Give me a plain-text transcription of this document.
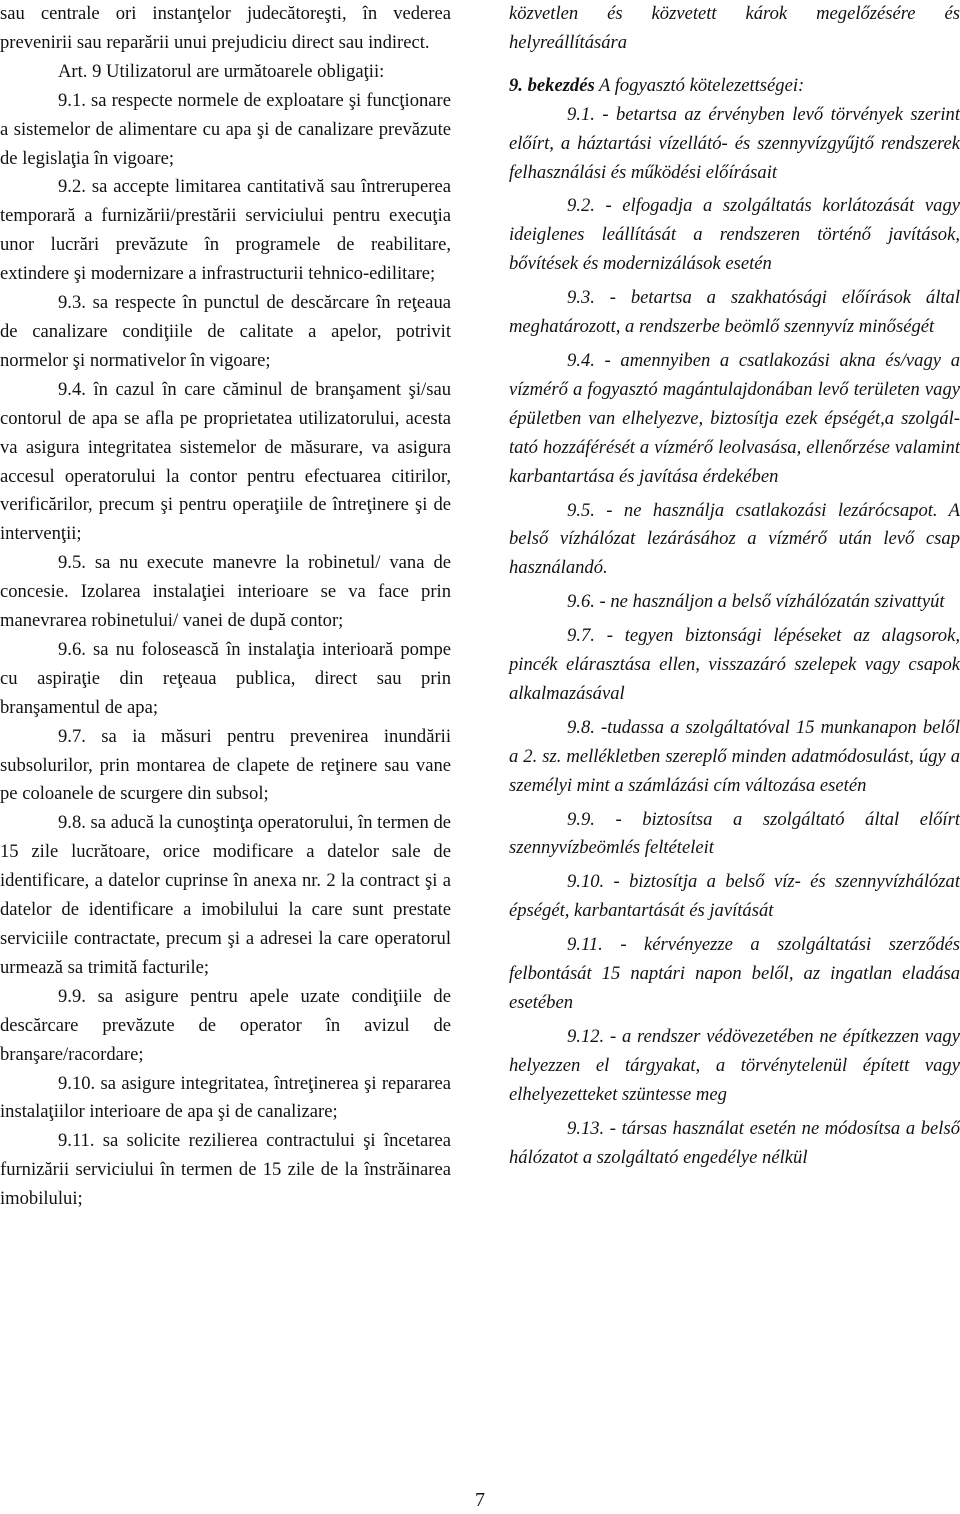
sau centrale ori instanţelor judecătoreşti, în vederea prevenirii sau reparării unui prejudiciu direct sau indirect.

Art. 9 Utilizatorul are următoarele obligaţii:

9.1. sa respecte normele de exploatare şi funcţionare a sistemelor de alimentare cu apa şi de canalizare prevăzute de legislaţia în vigoare;

9.2. sa accepte limitarea cantitativă sau întreruperea temporară a furnizării/prestării serviciului pentru execuţia unor lucrări prevăzute în programele de reabilitare, extindere şi modernizare a infrastructurii tehnico-edilitare;

9.3. sa respecte în punctul de descărcare în reţeaua de canalizare condiţiile de calitate a apelor, potrivit normelor şi normativelor în vigoare;

9.4. în cazul în care căminul de branşament şi/sau contorul de apa se afla pe proprietatea utilizatorului, acesta va asigura integritatea sistemelor de măsurare, va asigura accesul operatorului la contor pentru efectuarea citirilor, verificărilor, precum şi pentru operaţiile de întreţinere şi de intervenţii;

9.5. sa nu execute manevre la robinetul/ vana de concesie. Izolarea instalaţiei interioare se va face prin manevrarea robinetului/ vanei de după contor;

9.6. sa nu folosească în instalaţia interioară pompe cu aspiraţie din reţeaua publica, direct sau prin branşamentul de apa;

9.7. sa ia măsuri pentru prevenirea inundării subsolurilor, prin montarea de clapete de reţinere sau vane pe coloanele de scurgere din subsol;

9.8. sa aducă la cunoştinţa operatorului, în termen de 15 zile lucrătoare, orice modificare a datelor sale de identificare, a datelor cuprinse în anexa nr. 2 la contract şi a datelor de identificare a imobilului la care sunt prestate serviciile contractate, precum şi a adresei la care operatorul urmează sa trimită facturile;

9.9. sa asigure pentru apele uzate condiţiile de descărcare prevăzute de operator în avizul de branşare/racordare;

9.10. sa asigure integritatea, întreţinerea şi repararea instalaţiilor interioare de apa şi de canalizare;

9.11. sa solicite rezilierea contractului şi încetarea furnizării serviciului în termen de 15 zile de la înstrăinarea imobilului;

közvetlen és közvetett károk megelőzésére és helyreállítására

9. bekezdés A fogyasztó kötelezettségei:

9.1. - betartsa az érvényben levő törvények szerint előírt, a háztartási vízellátó- és szennyvízgyűjtő rendszerek felhasználási és működési előírásait

9.2. - elfogadja a szolgáltatás korlátozását vagy ideiglenes leállítását a rendszeren történő javítások, bővítések és modernizálások esetén

9.3. - betartsa a szakhatósági előírások által meghatározott, a rendszerbe beömlő szennyvíz minőségét

9.4. - amennyiben a csatlakozási akna és/vagy a vízmérő a fogyasztó magántulajdonában levő területen vagy épületben van elhelyezve, biztosítja ezek épségét,a szolgáltató hozzáférését a vízmérő leolvasása, ellenőrzése valamint karbantartása és javítása érdekében

9.5. - ne használja csatlakozási lezárócsapot. A belső vízhálózat lezárásához a vízmérő után levő csap használandó.

9.6. - ne használjon a belső vízhálózatán szivattyút

9.7. - tegyen biztonsági lépéseket az alagsorok, pincék elárasztása ellen, visszazáró szelepek vagy csapok alkalmazásával

9.8. -tudassa a szolgáltatóval 15 munkanapon belől a 2. sz. mellékletben szereplő minden adatmódosulást, úgy a személyi mint a számlázási cím változása esetén

9.9. - biztosítsa a szolgáltató által előírt szennyvízbeömlés feltételeit

9.10. - biztosítja a belső víz- és szennyvízhálózat épségét, karbantartását és javítását

9.11. - kérvényezze a szolgáltatási szerződés felbontását 15 naptári napon belől, az ingatlan eladása esetében

9.12. - a rendszer védövezetében ne építkezzen vagy helyezzen el tárgyakat, a törvénytelenül épített vagy elhelyezetteket szüntesse meg

9.13. - társas használat esetén ne módosítsa a belső hálózatot a szolgáltató engedélye nélkül

7
